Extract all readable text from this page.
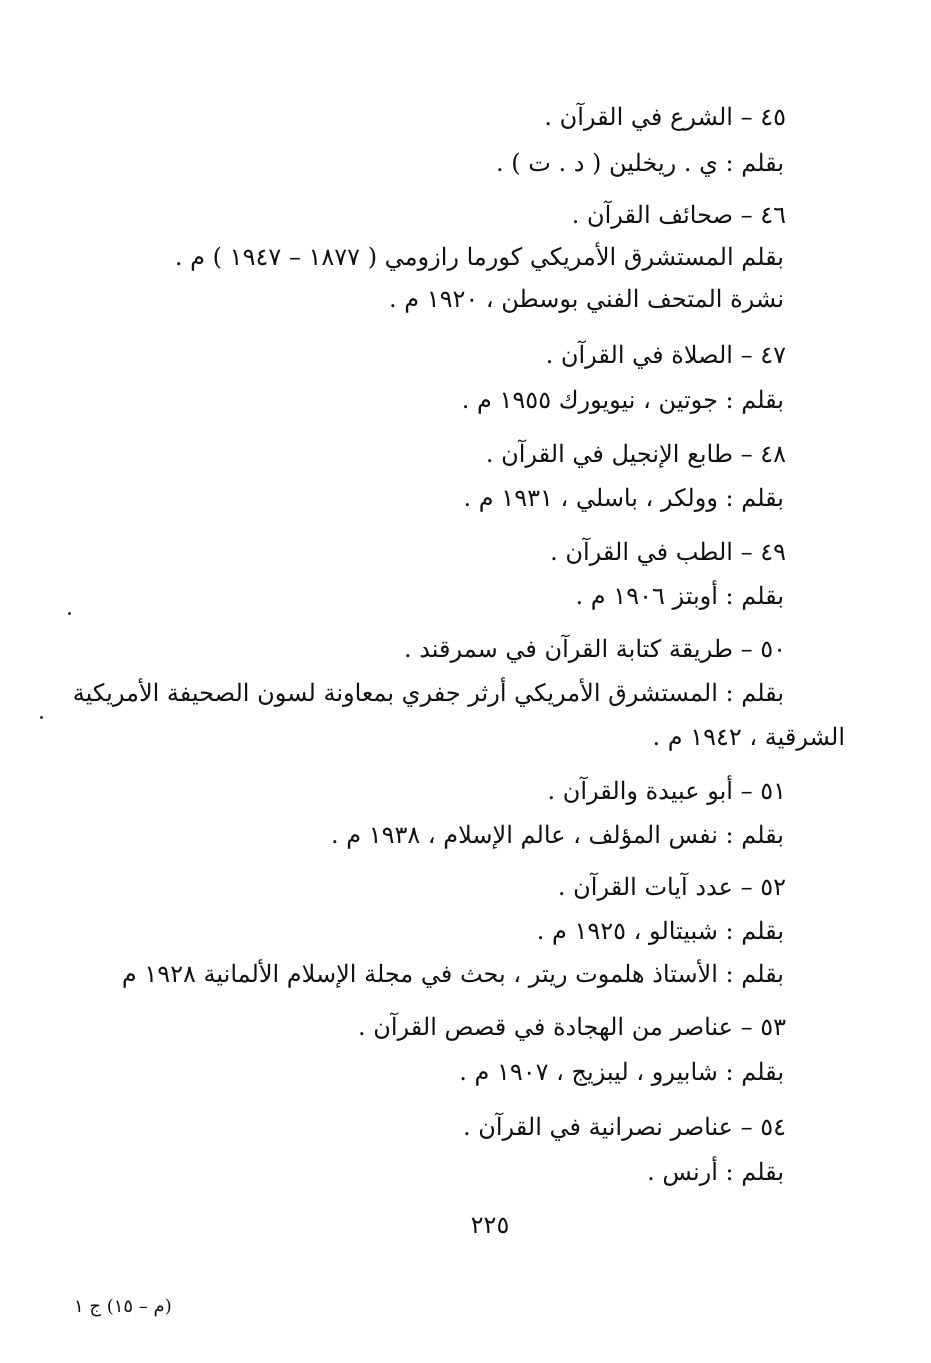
٤٥ – الشرع في القرآن .
بقلم : ي . ريخلين ( د . ت ) .
٤٦ – صحائف القرآن .
بقلم المستشرق الأمريكي كورما رازومي ( ١٨٧٧ – ١٩٤٧ ) م .
نشرة المتحف الفني بوسطن ، ١٩٢٠ م .
٤٧ – الصلاة في القرآن .
بقلم : جوتين ، نيويورك ١٩٥٥ م .
٤٨ – طابع الإنجيل في القرآن .
بقلم : وولكر ، باسلي ، ١٩٣١ م .
٤٩ – الطب في القرآن .
بقلم : أوبتز ١٩٠٦ م .
٥٠ – طريقة كتابة القرآن في سمرقند .
بقلم : المستشرق الأمريكي أرثر جفري بمعاونة لسون الصحيفة الأمريكية
الشرقية ، ١٩٤٢ م .
٥١ – أبو عبيدة والقرآن .
بقلم : نفس المؤلف ، عالم الإسلام ، ١٩٣٨ م .
٥٢ – عدد آيات القرآن .
بقلم : شبيتالو ، ١٩٢٥ م .
بقلم : الأستاذ هلموت ريتر ، بحث في مجلة الإسلام الألمانية ١٩٢٨ م
٥٣ – عناصر من الهجادة في قصص القرآن .
بقلم : شابيرو ، ليبزيج ، ١٩٠٧ م .
٥٤ – عناصر نصرانية في القرآن .
بقلم : أرنس .
٢٢٥
(م – ١٥) ج ١
